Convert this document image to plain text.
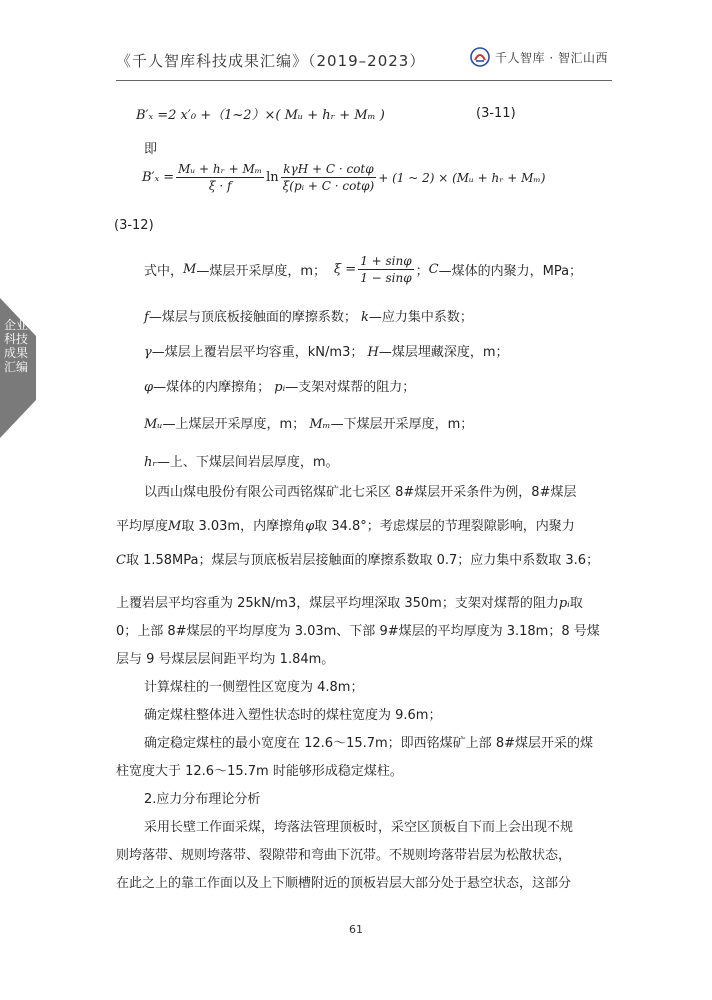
《千人智库科技成果汇编》（2019–2023）	千人智库 · 智汇山西
企业科技成果汇编
B′ₓ =2 x′₀ +（1~2）×( Mᵤ + hᵣ + Mₘ )	(3-11)
即
$B'_x = \frac{\text{Mᵤ + hᵣ + Mₘ}}{\xi \cdot f}$ $\ln \frac{\text{kγH + C · cotφ}}{\text{ξ(pᵢ + C · cotφ)}} + (1$ ~ 2) × (Mᵤ + hᵣ + Mₘ)
(3-12)
式中， M —煤层开采厚度，m； $\xi = \frac{1 + \sin\varphi}{1 - \sin\varphi}$ ； C —煤体的内聚力，MPa；
f—煤层与顶底板接触面的摩擦系数； k—应力集中系数；
γ—煤层上覆岩层平均容重，kN/m3； H—煤层埋藏深度，m；
φ—煤体的内摩擦角； pᵢ—支架对煤帮的阻力；
Mᵤ—上煤层开采厚度，m； Mₘ—下煤层开采厚度，m；
hᵣ—上、下煤层间岩层厚度，m。
以西山煤电股份有限公司西铭煤矿北七采区 8#煤层开采条件为例，8#煤层
平均厚度M取 3.03m，内摩擦角φ取 34.8°；考虑煤层的节理裂隙影响，内聚力
C取 1.58MPa；煤层与顶底板岩层接触面的摩擦系数取 0.7；应力集中系数取 3.6；
上覆岩层平均容重为 25kN/m3，煤层平均埋深取 350m；支架对煤帮的阻力pᵢ取
0；上部 8#煤层的平均厚度为 3.03m、下部 9#煤层的平均厚度为 3.18m；8 号煤
层与 9 号煤层层间距平均为 1.84m。
计算煤柱的一侧塑性区宽度为 4.8m；
确定煤柱整体进入塑性状态时的煤柱宽度为 9.6m；
确定稳定煤柱的最小宽度在 12.6～15.7m；即西铭煤矿上部 8#煤层开采的煤
柱宽度大于 12.6～15.7m 时能够形成稳定煤柱。
2.应力分布理论分析
采用长壁工作面采煤，垮落法管理顶板时，采空区顶板自下而上会出现不规
则垮落带、规则垮落带、裂隙带和弯曲下沉带。不规则垮落带岩层为松散状态，
在此之上的靠工作面以及上下顺槽附近的顶板岩层大部分处于悬空状态，这部分
61
